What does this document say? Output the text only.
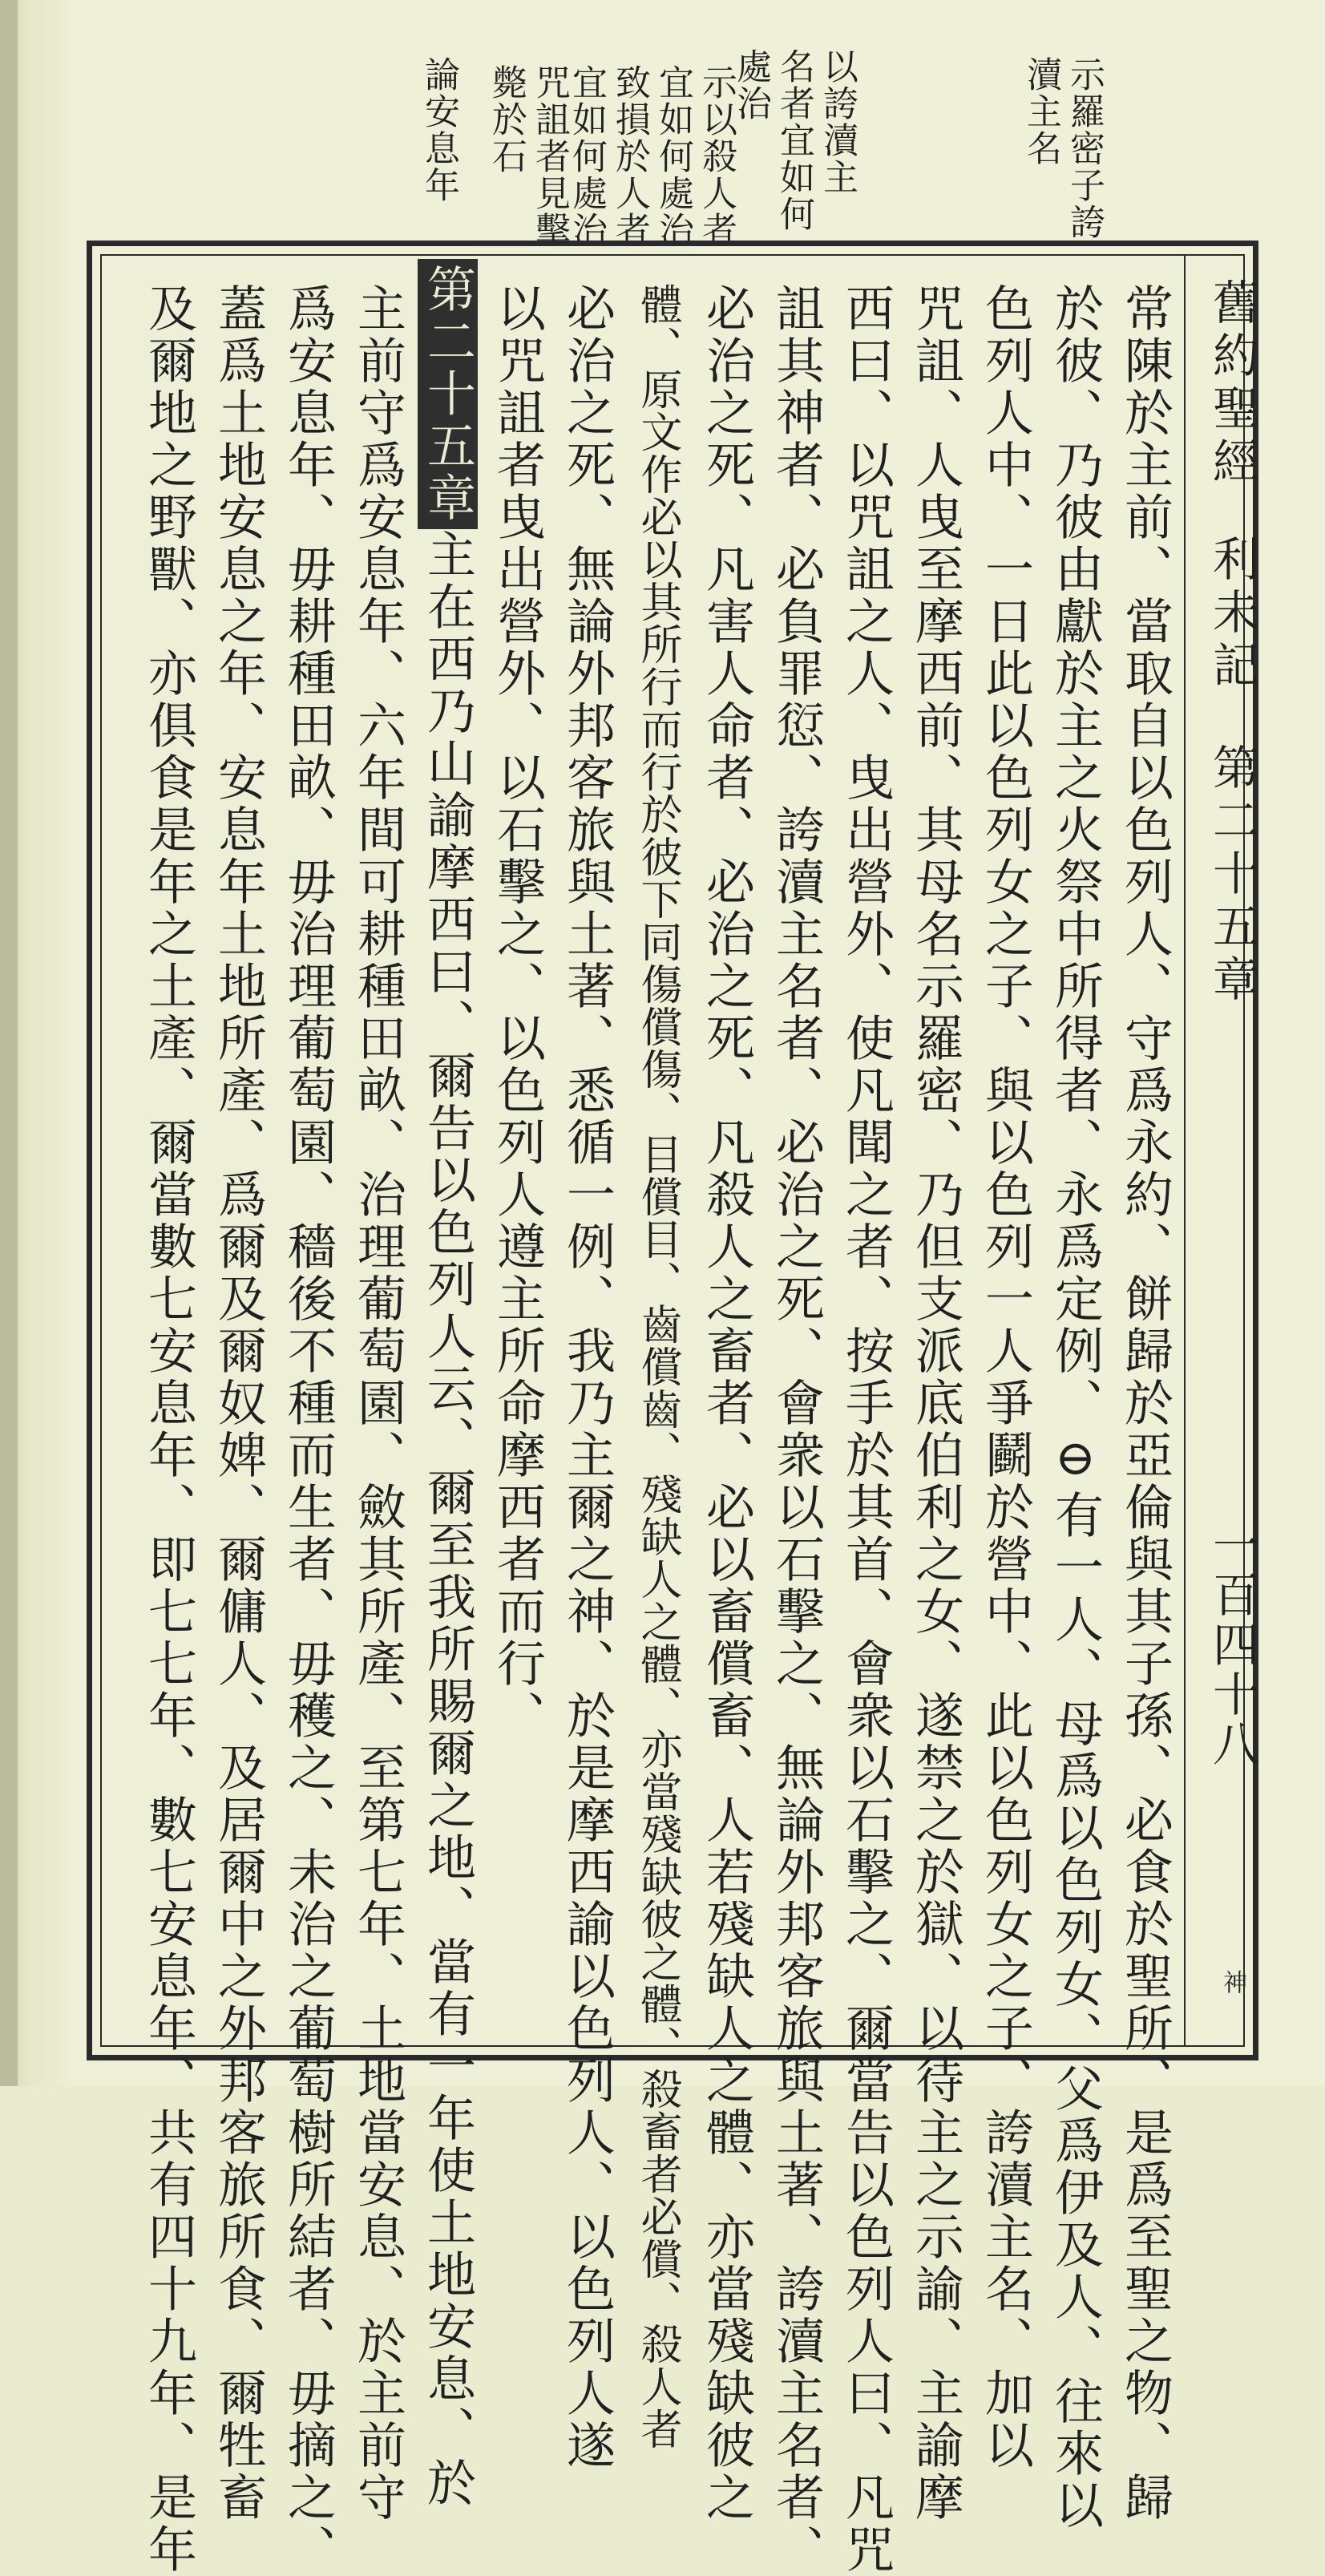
示羅密子誇
瀆主名
以誇瀆主
名者宜如何
處治
示以殺人者
宜如何處治
致損於人者
宜如何處治
咒詛者見擊
斃於石
論安息年
舊約聖經
利未記
第二十五章
一百四十八
常陳於主前、當取自以色列人、守爲永約、餅歸於亞倫與其子孫、必食於聖所、是爲至聖之物、歸
於彼、乃彼由獻於主之火祭中所得者、永爲定例、⊖有一人、母爲以色列女、父爲伊及人、往來以
色列人中、一日此以色列女之子、與以色列一人爭鬬於營中、此以色列女之子、誇瀆主名、加以
咒詛、人曳至摩西前、其母名示羅密、乃但支派底伯利之女、遂禁之於獄、以待主之示諭、主諭摩
西曰、以咒詛之人、曳出營外、使凡聞之者、按手於其首、會衆以石擊之、爾當告以色列人曰、凡咒
詛其神者、必負罪愆、誇瀆主名者、必治之死、會衆以石擊之、無論外邦客旅與土著、誇瀆主名者、
必治之死、凡害人命者、必治之死、凡殺人之畜者、必以畜償畜、人若殘缺人之體、亦當殘缺彼之
體、原文作必以其所行而行於彼下同傷償傷、目償目、齒償齒、殘缺人之體、亦當殘缺彼之體、殺畜者必償、殺人者
必治之死、無論外邦客旅與土著、悉循一例、我乃主爾之神、於是摩西諭以色列人、以色列人遂
以咒詛者曳出營外、以石擊之、以色列人遵主所命摩西者而行、
第二十五章主在西乃山諭摩西曰、爾告以色列人云、爾至我所賜爾之地、當有一年使土地安息、於
主前守爲安息年、六年間可耕種田畝、治理葡萄園、斂其所產、至第七年、土地當安息、於主前守
爲安息年、毋耕種田畝、毋治理葡萄園、穡後不種而生者、毋穫之、未治之葡萄樹所結者、毋摘之、
蓋爲土地安息之年、安息年土地所產、爲爾及爾奴婢、爾傭人、及居爾中之外邦客旅所食、爾牲畜
及爾地之野獸、亦俱食是年之土產、爾當數七安息年、即七七年、數七安息年、共有四十九年、是年	神
